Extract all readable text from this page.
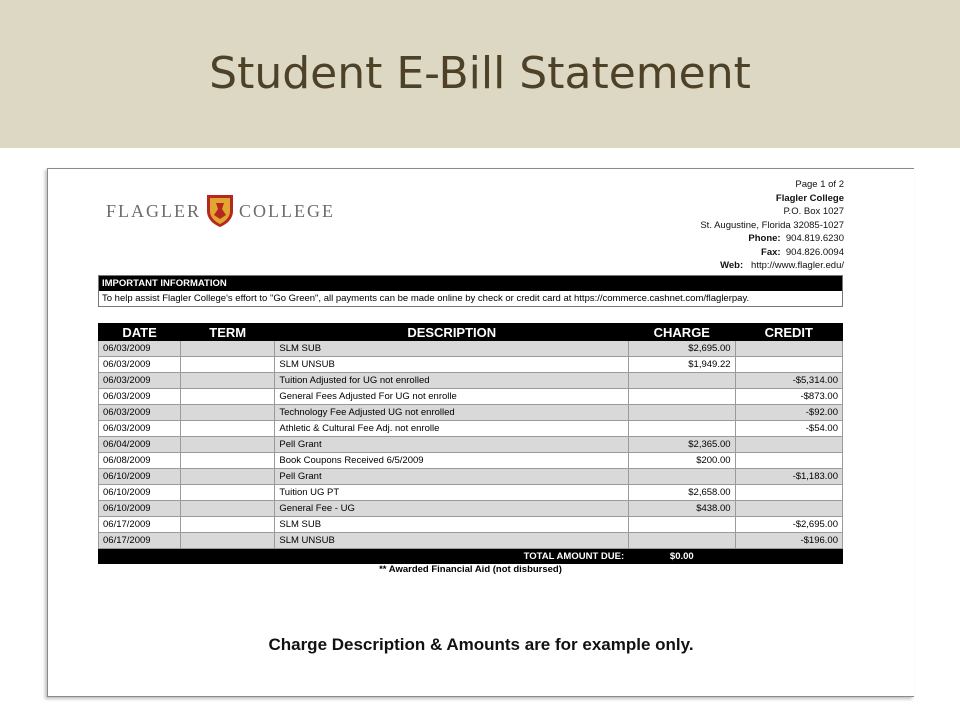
Student E-Bill Statement
FLAGLER COLLEGE
Page 1 of 2
Flagler College
P.O. Box 1027
St. Augustine, Florida 32085-1027
Phone: 904.819.6230
Fax: 904.826.0094
Web: http://www.flagler.edu/
IMPORTANT INFORMATION
To help assist Flagler College's effort to "Go Green", all payments can be made online by check or credit card at https://commerce.cashnet.com/flaglerpay.
DATE	TERM	DESCRIPTION	CHARGE	CREDIT
06/03/2009		SLM SUB	$2,695.00	
06/03/2009		SLM UNSUB	$1,949.22	
06/03/2009		Tuition Adjusted for UG not enrolled		-$5,314.00
06/03/2009		General Fees Adjusted For UG not enrolle		-$873.00
06/03/2009		Technology Fee Adjusted UG not enrolled		-$92.00
06/03/2009		Athletic & Cultural Fee Adj. not enrolle		-$54.00
06/04/2009		Pell Grant	$2,365.00	
06/08/2009		Book Coupons Received 6/5/2009	$200.00	
06/10/2009		Pell Grant		-$1,183.00
06/10/2009		Tuition UG PT	$2,658.00	
06/10/2009		General Fee - UG	$438.00	
06/17/2009		SLM SUB		-$2,695.00
06/17/2009		SLM UNSUB		-$196.00
TOTAL AMOUNT DUE:			$0.00	
** Awarded Financial Aid (not disbursed)
Charge Description & Amounts are for example only.
